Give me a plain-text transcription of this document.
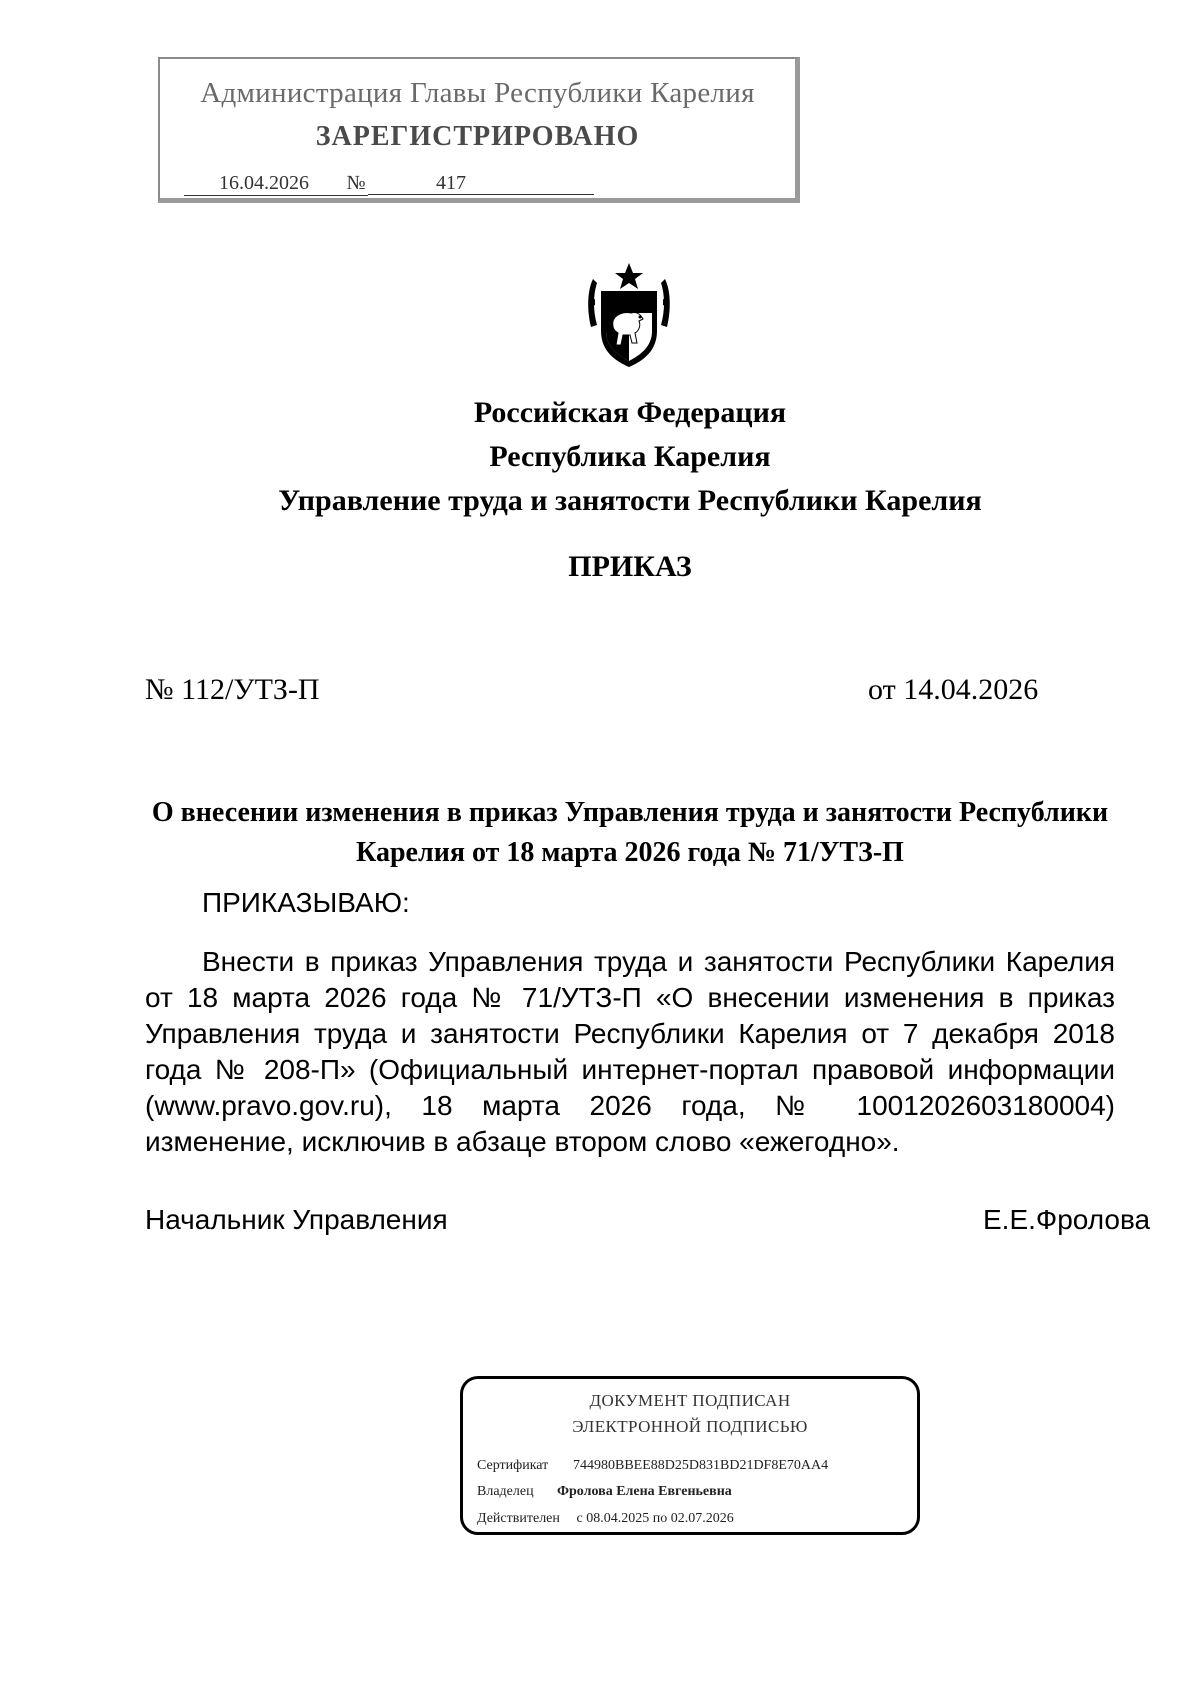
Администрация Главы Республики Карелия
ЗАРЕГИСТРИРОВАНО
16.04.2026	№	417
Российская Федерация
Республика Карелия
Управление труда и занятости Республики Карелия
ПРИКАЗ
№ 112/УТЗ-П	от 14.04.2026
О внесении изменения в приказ Управления труда и занятости Республики Карелия от 18 марта 2026 года № 71/УТЗ-П
ПРИКАЗЫВАЮ:
Внести в приказ Управления труда и занятости Республики Карелия от 18 марта 2026 года № 71/УТЗ-П «О внесении изменения в приказ Управления труда и занятости Республики Карелия от 7 декабря 2018 года № 208-П» (Официальный интернет-портал правовой информации (www.pravo.gov.ru), 18 марта 2026 года, № 1001202603180004) изменение, исключив в абзаце втором слово «ежегодно».
Начальник Управления	Е.Е.Фролова
ДОКУМЕНТ ПОДПИСАН
ЭЛЕКТРОННОЙ ПОДПИСЬЮ
Сертификат 744980BBEE88D25D831BD21DF8E70AA4
Владелец Фролова Елена Евгеньевна
Действителен с 08.04.2025 по 02.07.2026
